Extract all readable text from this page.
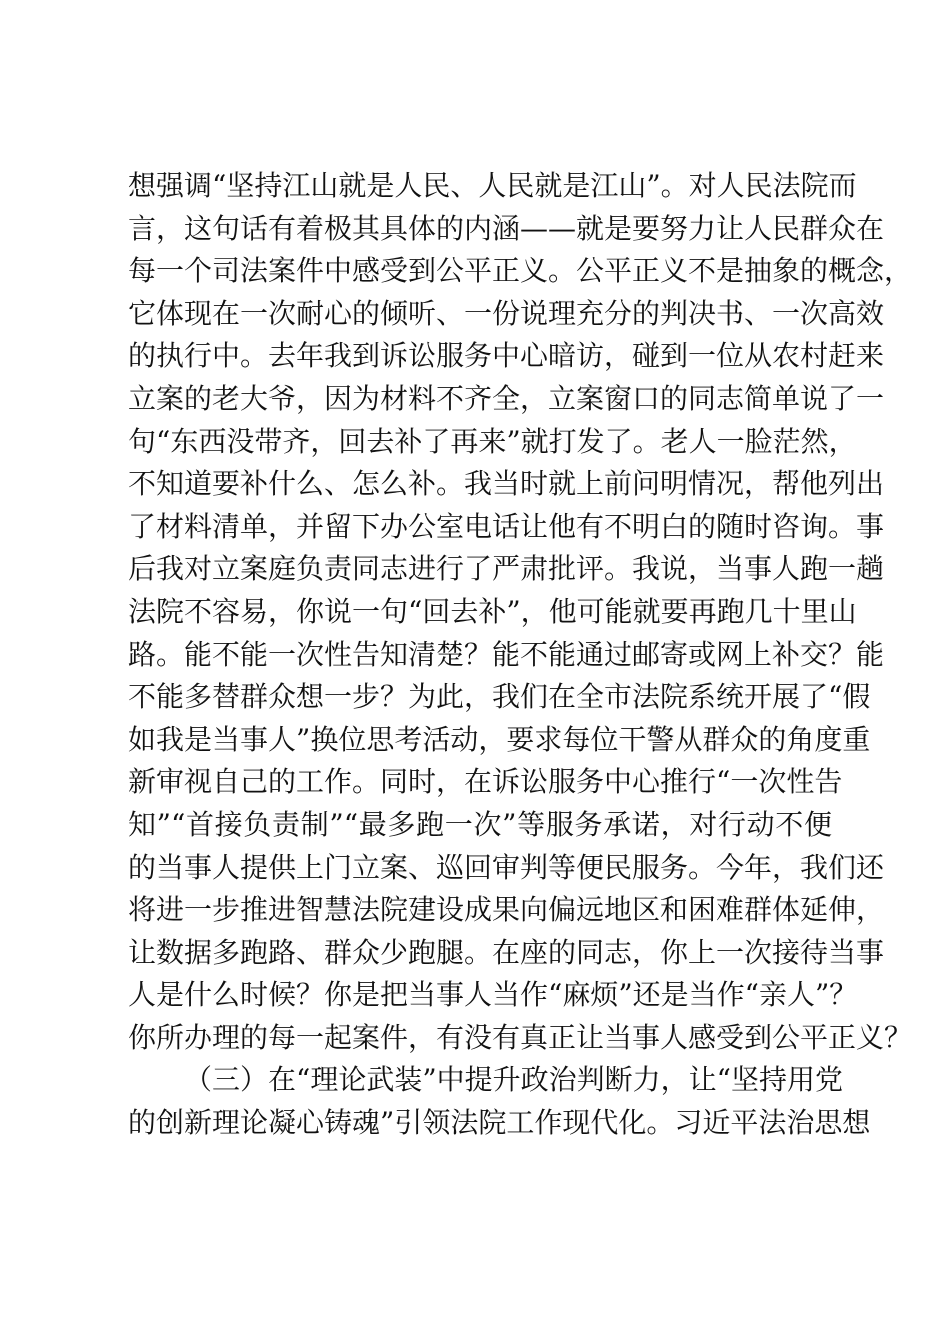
想强调“坚持江山就是人民、人民就是江山”。对人民法院而
言，这句话有着极其具体的内涵——就是要努力让人民群众在
每一个司法案件中感受到公平正义。公平正义不是抽象的概念，
它体现在一次耐心的倾听、一份说理充分的判决书、一次高效
的执行中。去年我到诉讼服务中心暗访，碰到一位从农村赶来
立案的老大爷，因为材料不齐全，立案窗口的同志简单说了一
句“东西没带齐，回去补了再来”就打发了。老人一脸茫然，
不知道要补什么、怎么补。我当时就上前问明情况，帮他列出
了材料清单，并留下办公室电话让他有不明白的随时咨询。事
后我对立案庭负责同志进行了严肃批评。我说，当事人跑一趟
法院不容易，你说一句“回去补”，他可能就要再跑几十里山
路。能不能一次性告知清楚？能不能通过邮寄或网上补交？能
不能多替群众想一步？为此，我们在全市法院系统开展了“假
如我是当事人”换位思考活动，要求每位干警从群众的角度重
新审视自己的工作。同时，在诉讼服务中心推行“一次性告
知”“首接负责制”“最多跑一次”等服务承诺，对行动不便
的当事人提供上门立案、巡回审判等便民服务。今年，我们还
将进一步推进智慧法院建设成果向偏远地区和困难群体延伸，
让数据多跑路、群众少跑腿。在座的同志，你上一次接待当事
人是什么时候？你是把当事人当作“麻烦”还是当作“亲人”？
你所办理的每一起案件，有没有真正让当事人感受到公平正义？
（三）在“理论武装”中提升政治判断力，让“坚持用党
的创新理论凝心铸魂”引领法院工作现代化。习近平法治思想
